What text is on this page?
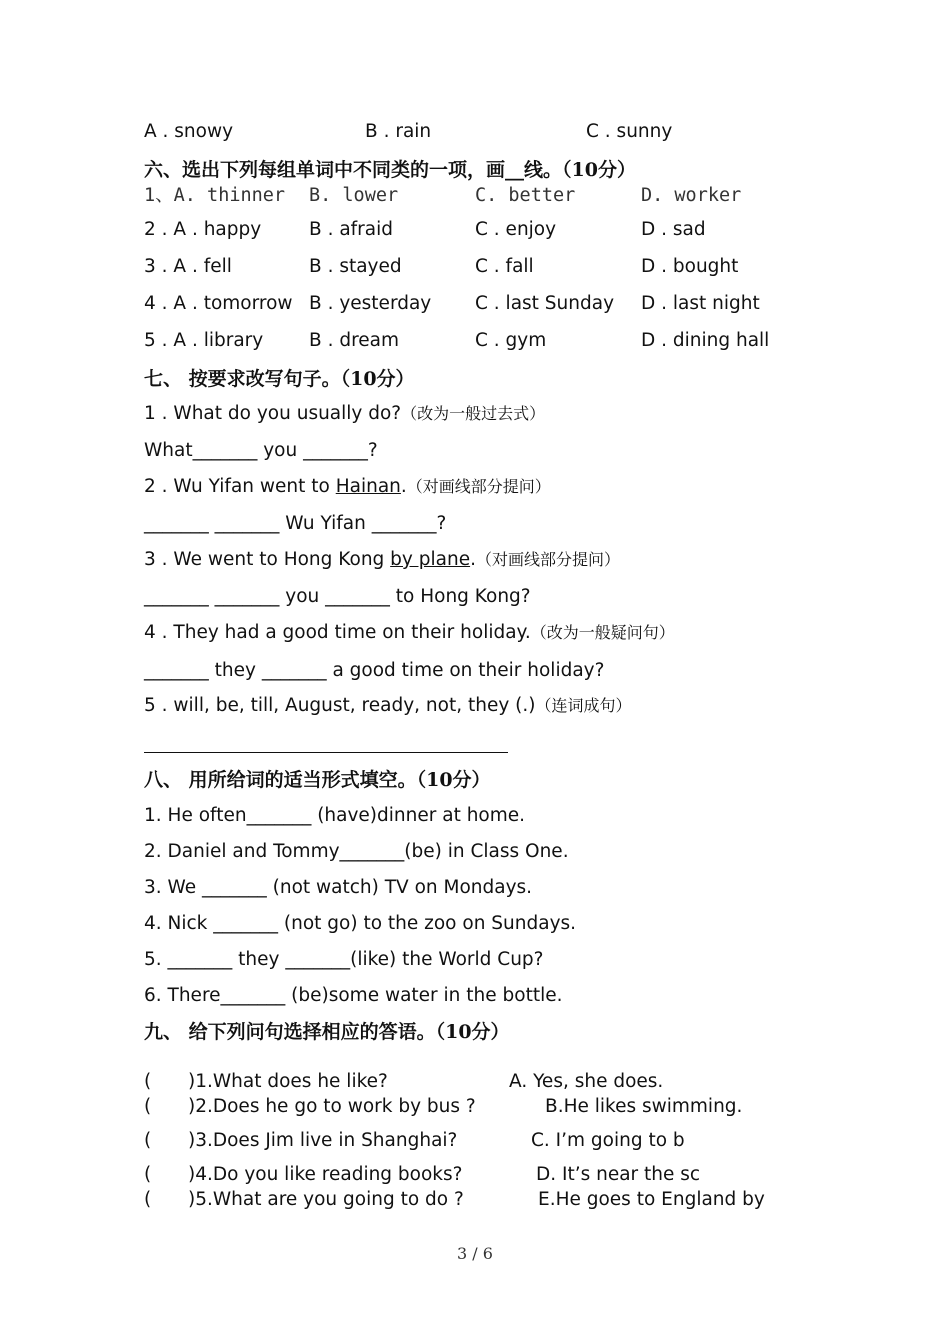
A . snowy	B . rain	C . sunny
六、选出下列每组单词中不同类的一项，画__线。（10分）
1、A. thinner B. lower	C. better	D. worker
2 . A . happy	B . afraid	C . enjoy	D . sad
3 . A . fell	B . stayed	C . fall	D . bought
4 . A . tomorrow B . yesterday C . last Sunday D . last night
5 . A . library B . dream	C . gym	D . dining hall
七、 按要求改写句子。（10分）
1 . What do you usually do?（改为一般过去式）
What_______ you _______?
2 . Wu Yifan went to Hainan.（对画线部分提问）
_______ _______ Wu Yifan _______?
3 . We went to Hong Kong by plane.（对画线部分提问）
_______ _______ you _______ to Hong Kong?
4 . They had a good time on their holiday.（改为一般疑问句）
_______ they _______ a good time on their holiday?
5 . will, be, till, August, ready, not, they (.)（连词成句）
八、 用所给词的适当形式填空。（10分）
1. He often_______ (have)dinner at home.
2. Daniel and Tommy_______(be) in Class One.
3. We _______ (not watch) TV on Mondays.
4. Nick _______ (not go) to the zoo on Sundays.
5. _______ they _______(like) the World Cup?
6. There_______ (be)some water in the bottle.
九、 给下列问句选择相应的答语。（10分）
( )1.What does he like?	A. Yes, she does.
( )2.Does he go to work by bus ?	B.He likes swimming.
( )3.Does Jim live in Shanghai?	C. I’m going to b
( )4.Do you like reading books?	D. It’s near the sc
( )5.What are you going to do ?	E.He goes to England by
3 / 6
